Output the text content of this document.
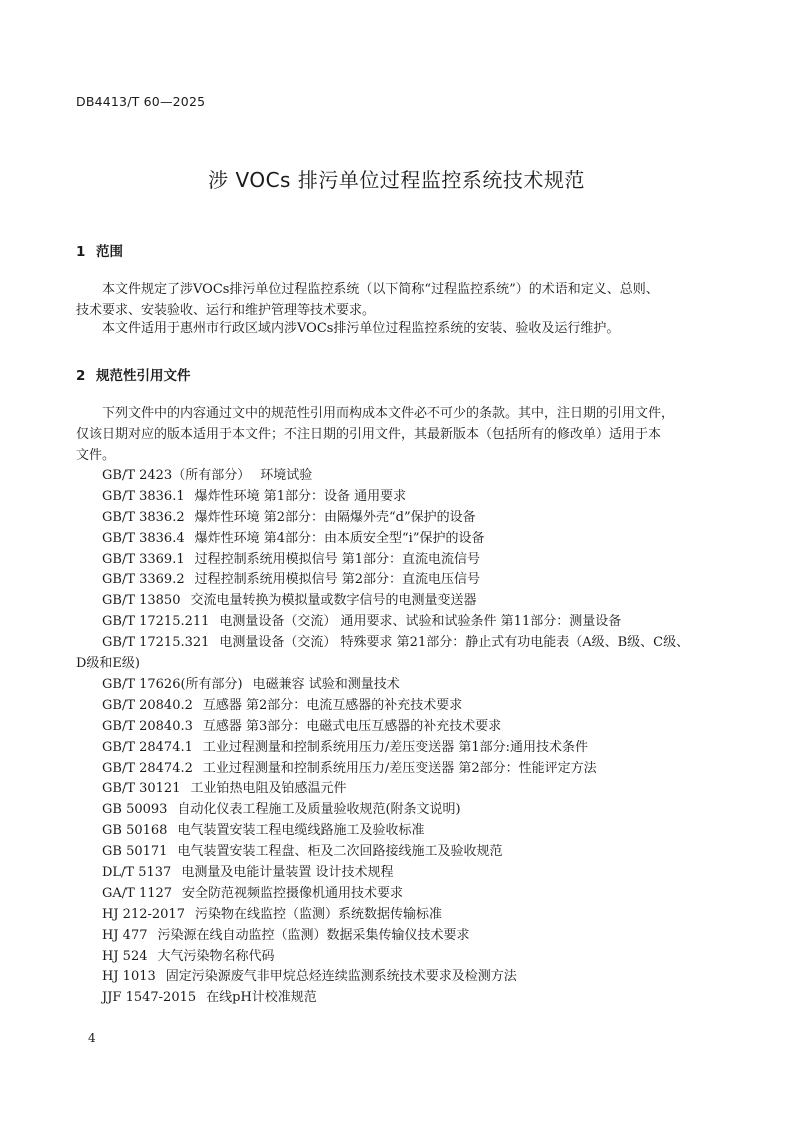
DB4413/T 60—2025
涉 VOCs 排污单位过程监控系统技术规范
1 范围
本文件规定了涉VOCs排污单位过程监控系统（以下简称“过程监控系统”）的术语和定义、总则、
技术要求、安装验收、运行和维护管理等技术要求。
本文件适用于惠州市行政区域内涉VOCs排污单位过程监控系统的安装、验收及运行维护。
2 规范性引用文件
下列文件中的内容通过文中的规范性引用而构成本文件必不可少的条款。其中，注日期的引用文件，
仅该日期对应的版本适用于本文件；不注日期的引用文件，其最新版本（包括所有的修改单）适用于本
文件。
GB/T 2423（所有部分） 环境试验
GB/T 3836.1 爆炸性环境 第1部分：设备 通用要求
GB/T 3836.2 爆炸性环境 第2部分：由隔爆外壳“d”保护的设备
GB/T 3836.4 爆炸性环境 第4部分：由本质安全型“i”保护的设备
GB/T 3369.1 过程控制系统用模拟信号 第1部分：直流电流信号
GB/T 3369.2 过程控制系统用模拟信号 第2部分：直流电压信号
GB/T 13850 交流电量转换为模拟量或数字信号的电测量变送器
GB/T 17215.211 电测量设备（交流） 通用要求、试验和试验条件 第11部分：测量设备
GB/T 17215.321 电测量设备（交流） 特殊要求 第21部分：静止式有功电能表（A级、B级、C级、
D级和E级)
GB/T 17626(所有部分) 电磁兼容 试验和测量技术
GB/T 20840.2 互感器 第2部分：电流互感器的补充技术要求
GB/T 20840.3 互感器 第3部分：电磁式电压互感器的补充技术要求
GB/T 28474.1 工业过程测量和控制系统用压力/差压变送器 第1部分:通用技术条件
GB/T 28474.2 工业过程测量和控制系统用压力/差压变送器 第2部分：性能评定方法
GB/T 30121 工业铂热电阻及铂感温元件
GB 50093 自动化仪表工程施工及质量验收规范(附条文说明)
GB 50168 电气装置安装工程电缆线路施工及验收标准
GB 50171 电气装置安装工程盘、柜及二次回路接线施工及验收规范
DL/T 5137 电测量及电能计量装置 设计技术规程
GA/T 1127 安全防范视频监控摄像机通用技术要求
HJ 212-2017 污染物在线监控（监测）系统数据传输标准
HJ 477 污染源在线自动监控（监测）数据采集传输仪技术要求
HJ 524 大气污染物名称代码
HJ 1013 固定污染源废气非甲烷总烃连续监测系统技术要求及检测方法
JJF 1547-2015 在线pH计校准规范
4
